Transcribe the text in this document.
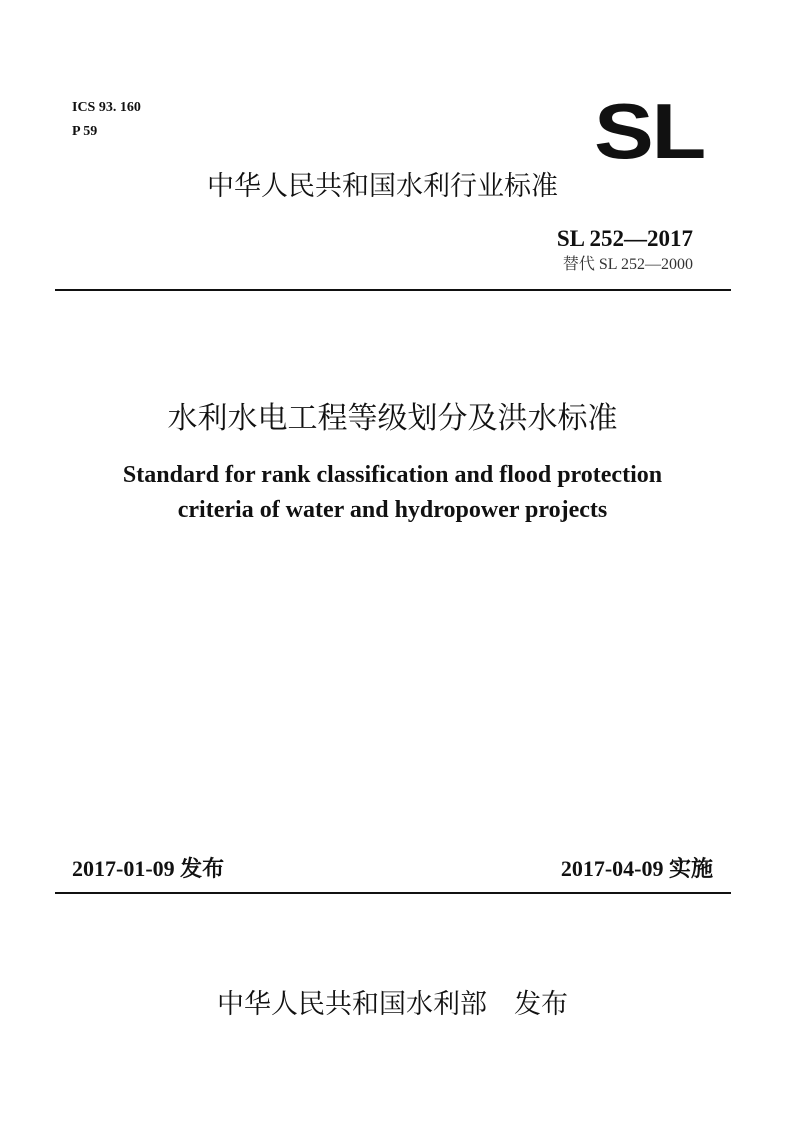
ICS 93. 160
P 59	SL
中华人民共和国水利行业标准
SL 252—2017
替代 SL 252—2000
水利水电工程等级划分及洪水标准
Standard for rank classification and flood protection
criteria of water and hydropower projects
2017-01-09 发布	2017-04-09 实施
中华人民共和国水利部　发布
